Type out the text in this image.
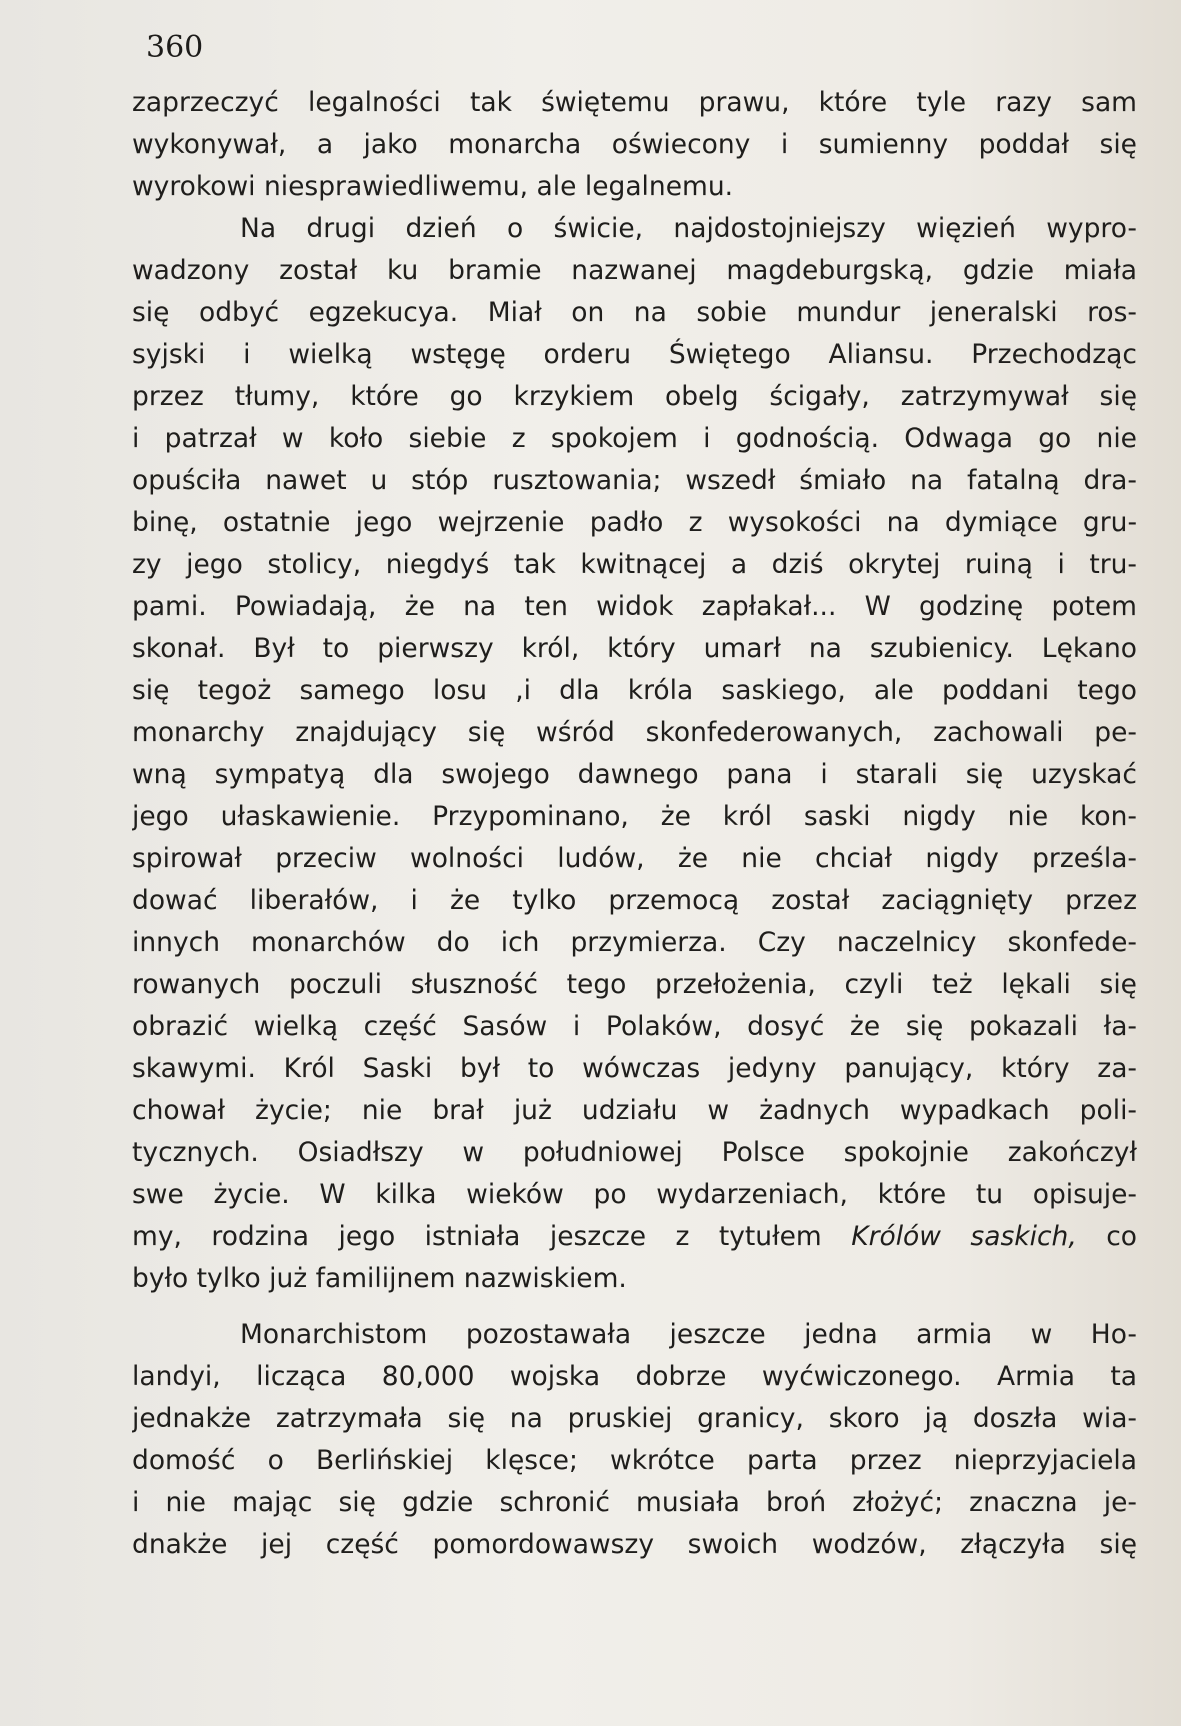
360
zaprzeczyć legalności tak świętemu prawu, które tyle razy sam
wykonywał, a jako monarcha oświecony i sumienny poddał się
wyrokowi niesprawiedliwemu, ale legalnemu.
Na drugi dzień o świcie, najdostojniejszy więzień wypro-
wadzony został ku bramie nazwanej magdeburgską, gdzie miała
się odbyć egzekucya. Miał on na sobie mundur jeneralski ros-
syjski i wielką wstęgę orderu Świętego Aliansu. Przechodząc
przez tłumy, które go krzykiem obelg ścigały, zatrzymywał się
i patrzał w koło siebie z spokojem i godnością. Odwaga go nie
opuściła nawet u stóp rusztowania; wszedł śmiało na fatalną dra-
binę, ostatnie jego wejrzenie padło z wysokości na dymiące gru-
zy jego stolicy, niegdyś tak kwitnącej a dziś okrytej ruiną i tru-
pami. Powiadają, że na ten widok zapłakał... W godzinę potem
skonał. Był to pierwszy król, który umarł na szubienicy. Lękano
się tegoż samego losu ,i dla króla saskiego, ale poddani tego
monarchy znajdujący się wśród skonfederowanych, zachowali pe-
wną sympatyą dla swojego dawnego pana i starali się uzyskać
jego ułaskawienie. Przypominano, że król saski nigdy nie kon-
spirował przeciw wolności ludów, że nie chciał nigdy prześla-
dować liberałów, i że tylko przemocą został zaciągnięty przez
innych monarchów do ich przymierza. Czy naczelnicy skonfede-
rowanych poczuli słuszność tego przełożenia, czyli też lękali się
obrazić wielką część Sasów i Polaków, dosyć że się pokazali ła-
skawymi. Król Saski był to wówczas jedyny panujący, który za-
chował życie; nie brał już udziału w żadnych wypadkach poli-
tycznych. Osiadłszy w południowej Polsce spokojnie zakończył
swe życie. W kilka wieków po wydarzeniach, które tu opisuje-
my, rodzina jego istniała jeszcze z tytułem Królów saskich, co
było tylko już familijnem nazwiskiem.
Monarchistom pozostawała jeszcze jedna armia w Ho-
landyi, licząca 80,000 wojska dobrze wyćwiczonego. Armia ta
jednakże zatrzymała się na pruskiej granicy, skoro ją doszła wia-
domość o Berlińskiej klęsce; wkrótce parta przez nieprzyjaciela
i nie mając się gdzie schronić musiała broń złożyć; znaczna je-
dnakże jej część pomordowawszy swoich wodzów, złączyła się
